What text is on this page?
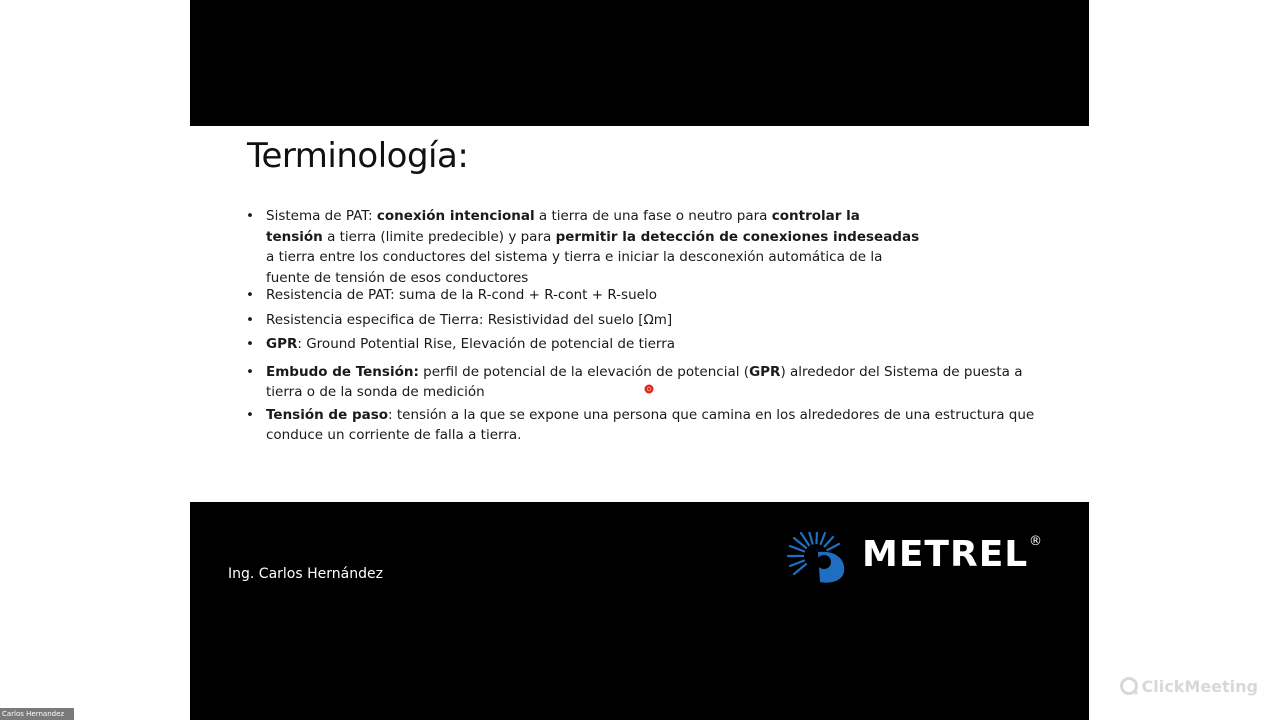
Terminología:
• Sistema de PAT: conexión intencional a tierra de una fase o neutro para controlar la tensión a tierra (limite predecible) y para permitir la detección de conexiones indeseadas a tierra entre los conductores del sistema y tierra e iniciar la desconexión automática de la fuente de tensión de esos conductores
• Resistencia de PAT: suma de la R-cond + R-cont + R-suelo
• Resistencia especifica de Tierra: Resistividad del suelo [Ωm]
• GPR: Ground Potential Rise, Elevación de potencial de tierra
• Embudo de Tensión: perfil de potencial de la elevación de potencial (GPR) alrededor del Sistema de puesta a tierra o de la sonda de medición
• Tensión de paso: tensión a la que se expone una persona que camina en los alrededores de una estructura que conduce un corriente de falla a tierra.
Ing. Carlos Hernández	METREL ®
ClickMeeting
Carlos Hernandez
